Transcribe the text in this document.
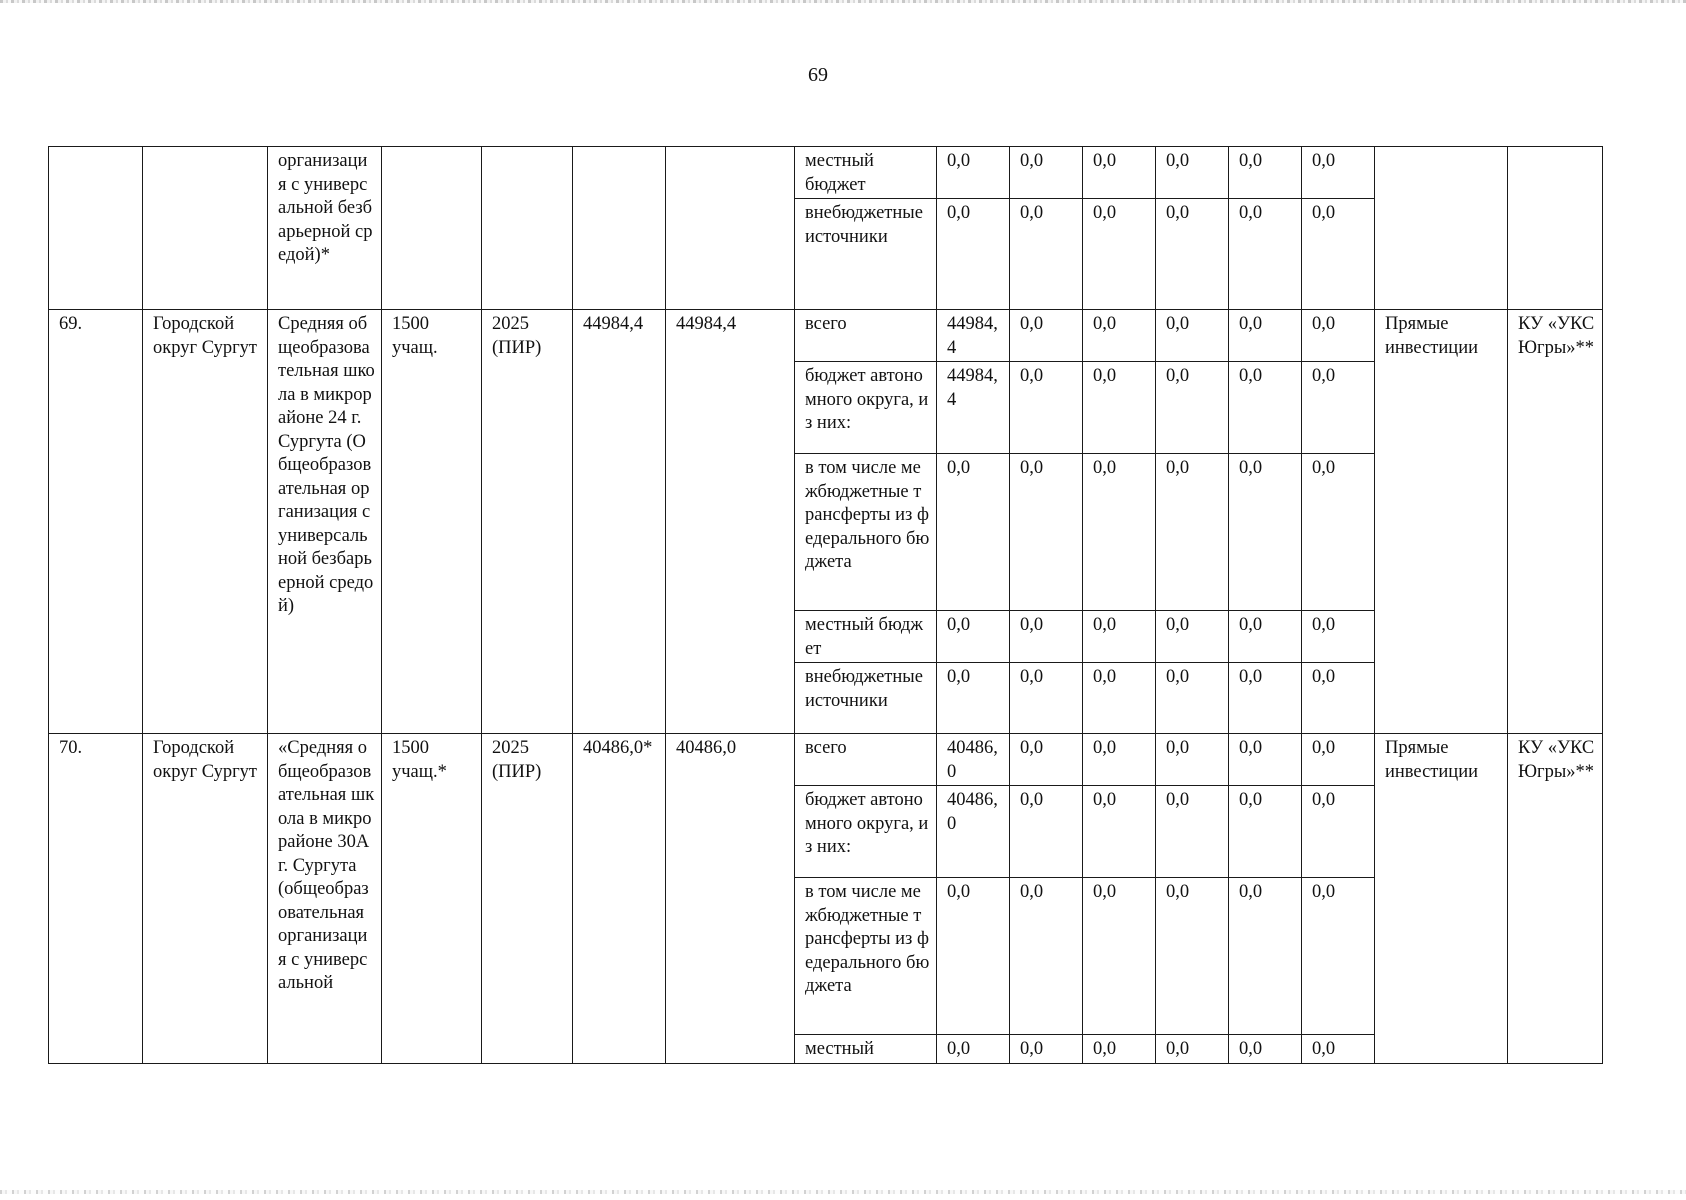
69
		организация с универсальной безбарьерной средой)*					местный бюджет	0,0	0,0	0,0	0,0	0,0	0,0		
							внебюджетные источники	0,0	0,0	0,0	0,0	0,0	0,0		
69.	Городской округ Сургут	Средняя общеобразовательная школа в микрорайоне 24 г. Сургута (Общеобразовательная организация с универсальной безбарьерной средой)	1500 учащ.	2025 (ПИР)	44984,4	44984,4	всего	44984,4	0,0	0,0	0,0	0,0	0,0	Прямые инвестиции	КУ «УКС Югры»**
							бюджет автономного округа, из них:	44984,4	0,0	0,0	0,0	0,0	0,0		
							в том числе межбюджетные трансферты из федерального бюджета	0,0	0,0	0,0	0,0	0,0	0,0		
							местный бюджет	0,0	0,0	0,0	0,0	0,0	0,0		
							внебюджетные источники	0,0	0,0	0,0	0,0	0,0	0,0		
70.	Городской округ Сургут	«Средняя общеобразовательная школа в микрорайоне 30А г. Сургута (общеобразовательная организация с универсальной	1500 учащ.*	2025 (ПИР)	40486,0*	40486,0	всего	40486,0	0,0	0,0	0,0	0,0	0,0	Прямые инвестиции	КУ «УКС Югры»**
							бюджет автономного округа, из них:	40486,0	0,0	0,0	0,0	0,0	0,0		
							в том числе межбюджетные трансферты из федерального бюджета	0,0	0,0	0,0	0,0	0,0	0,0		
							местный	0,0	0,0	0,0	0,0	0,0	0,0		
